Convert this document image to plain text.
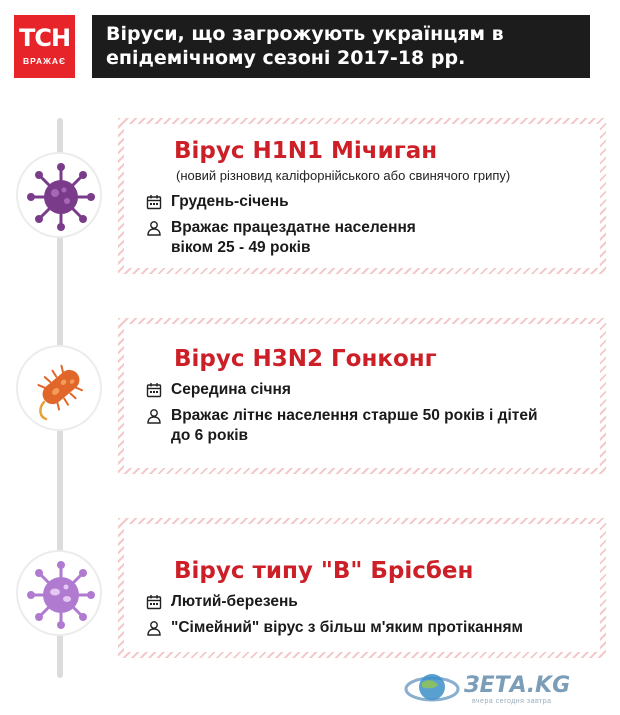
ТСН
ВРАЖАЄ
Віруси, що загрожують українцям в
епідемічному сезоні 2017-18 рр.
Вірус H1N1 Мічиган
(новий різновид каліфорнійського або свинячого грипу)
Грудень-січень
Вражає працездатне населення
віком 25 - 49 років
Вірус H3N2 Гонконг
Середина січня
Вражає літнє населення старше 50 років і дітей
до 6 років
Вірус типу "В" Брісбен
Лютий-березень
"Сімейний" вірус з більш м'яким протіканням
ЗЕТА.KG
вчера сегодня завтра
